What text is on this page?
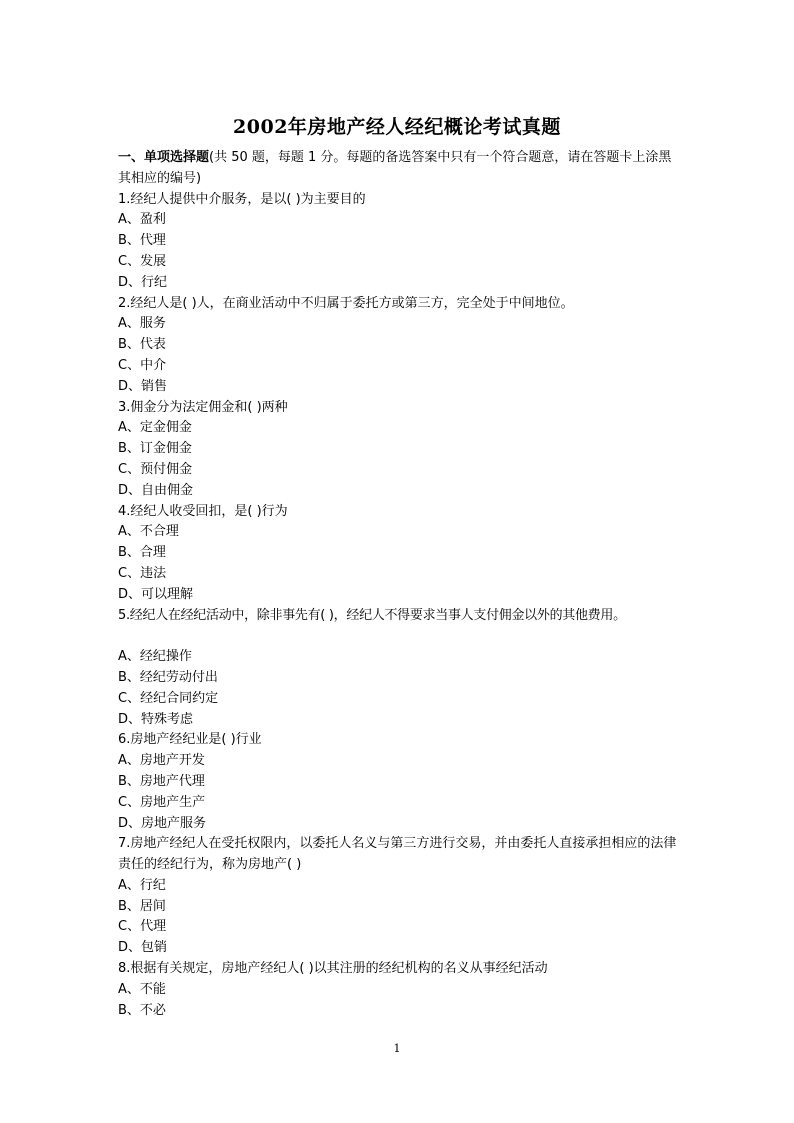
2002年房地产经人经纪概论考试真题
一、单项选择题(共 50 题，每题 1 分。每题的备选答案中只有一个符合题意，请在答题卡上涂黑其相应的编号)
1.经纪人提供中介服务，是以( )为主要目的
A、盈利
B、代理
C、发展
D、行纪
2.经纪人是( )人，在商业活动中不归属于委托方或第三方，完全处于中间地位。
A、服务
B、代表
C、中介
D、销售
3.佣金分为法定佣金和( )两种
A、定金佣金
B、订金佣金
C、预付佣金
D、自由佣金
4.经纪人收受回扣，是( )行为
A、不合理
B、合理
C、违法
D、可以理解
5.经纪人在经纪活动中，除非事先有( )，经纪人不得要求当事人支付佣金以外的其他费用。
A、经纪操作
B、经纪劳动付出
C、经纪合同约定
D、特殊考虑
6.房地产经纪业是( )行业
A、房地产开发
B、房地产代理
C、房地产生产
D、房地产服务
7.房地产经纪人在受托权限内，以委托人名义与第三方进行交易，并由委托人直接承担相应的法律责任的经纪行为，称为房地产( )
A、行纪
B、居间
C、代理
D、包销
8.根据有关规定，房地产经纪人( )以其注册的经纪机构的名义从事经纪活动
A、不能
B、不必
1
